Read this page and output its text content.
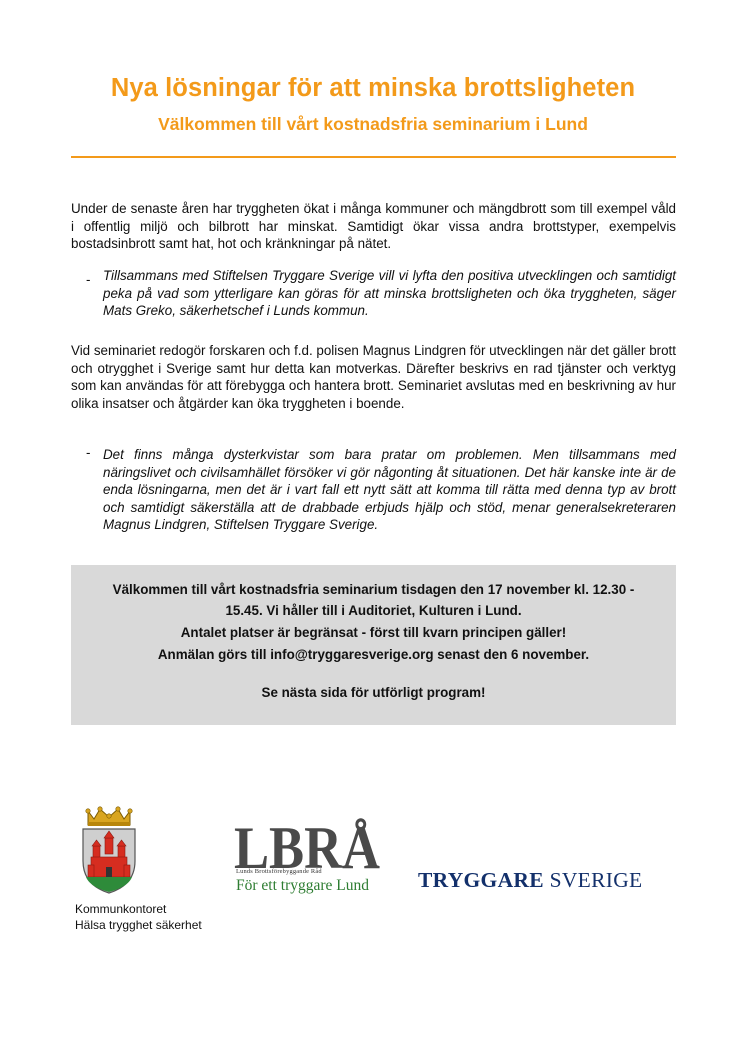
Nya lösningar för att minska brottsligheten
Välkommen till vårt kostnadsfria seminarium i Lund

Under de senaste åren har tryggheten ökat i många kommuner och mängdbrott som till exempel våld i offentlig miljö och bilbrott har minskat. Samtidigt ökar vissa andra brottstyper, exempelvis bostadsinbrott samt hat, hot och kränkningar på nätet.

- Tillsammans med Stiftelsen Tryggare Sverige vill vi lyfta den positiva utvecklingen och samtidigt peka på vad som ytterligare kan göras för att minska brottsligheten och öka tryggheten, säger Mats Greko, säkerhetschef i Lunds kommun.

Vid seminariet redogör forskaren och f.d. polisen Magnus Lindgren för utvecklingen när det gäller brott och otrygghet i Sverige samt hur detta kan motverkas. Därefter beskrivs en rad tjänster och verktyg som kan användas för att förebygga och hantera brott. Seminariet avslutas med en beskrivning av hur olika insatser och åtgärder kan öka tryggheten i boende.

- Det finns många dysterkvistar som bara pratar om problemen. Men tillsammans med näringslivet och civilsamhället försöker vi gör någonting åt situationen. Det här kanske inte är de enda lösningarna, men det är i vart fall ett nytt sätt att komma till rätta med denna typ av brott och samtidigt säkerställa att de drabbade erbjuds hjälp och stöd, menar generalsekreteraren Magnus Lindgren, Stiftelsen Tryggare Sverige.
Välkommen till vårt kostnadsfria seminarium tisdagen den 17 november kl. 12.30 -
15.45. Vi håller till i Auditoriet, Kulturen i Lund.
Antalet platser är begränsat - först till kvarn principen gäller!
Anmälan görs till info@tryggaresverige.org senast den 6 november.
Se nästa sida för utförligt program!
Kommunkontoret
Hälsa trygghet säkerhet
LBRÅ
Lunds Brottsförebyggande Råd
För ett tryggare Lund TRYGGARE SVERIGE
